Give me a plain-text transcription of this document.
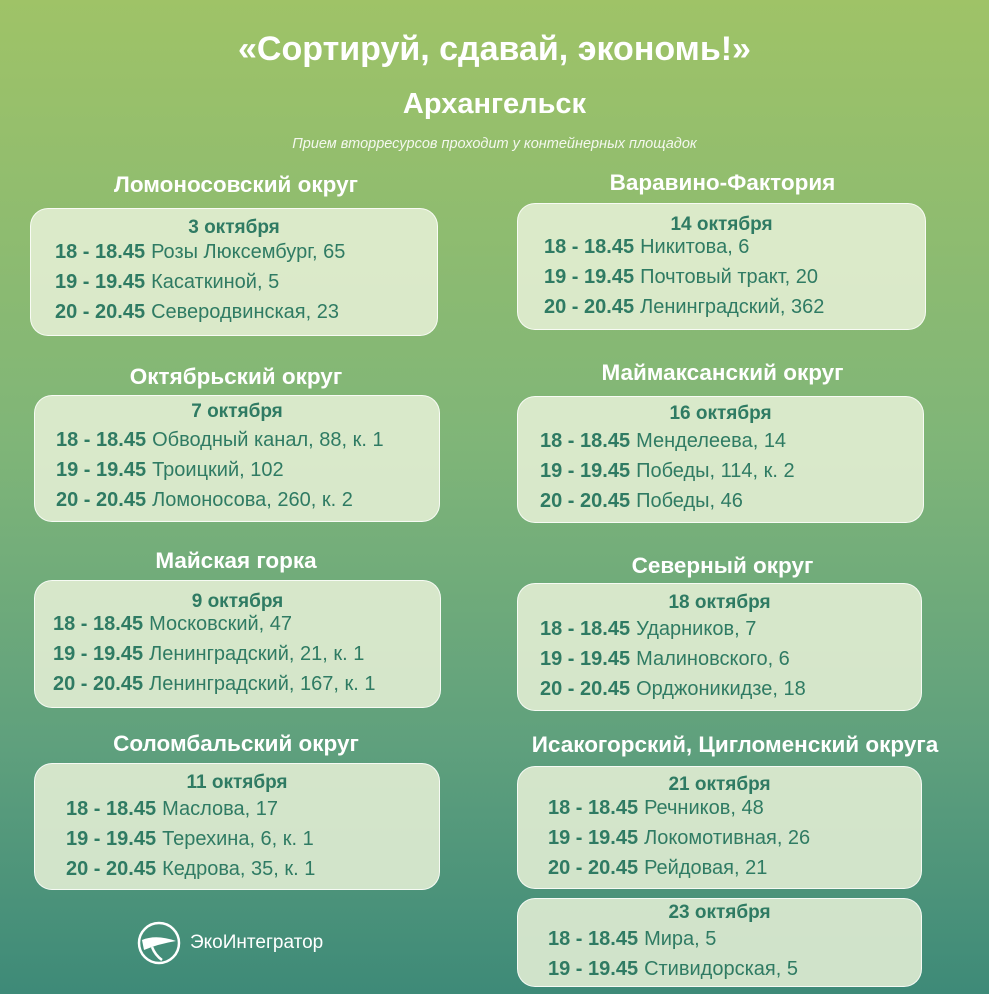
«Сортируй, сдавай, экономь!»
Архангельск
Прием вторресурсов проходит у контейнерных площадок
Ломоносовский округ
3 октября
18 - 18.45 Розы Люксембург, 65
19 - 19.45 Касаткиной, 5
20 - 20.45 Северодвинская, 23
Варавино-Фактория
14 октября
18 - 18.45 Никитова, 6
19 - 19.45 Почтовый тракт, 20
20 - 20.45 Ленинградский, 362
Октябрьский округ
7 октября
18 - 18.45 Обводный канал, 88, к. 1
19 - 19.45 Троицкий, 102
20 - 20.45 Ломоносова, 260, к. 2
Маймаксанский округ
16 октября
18 - 18.45 Менделеева, 14
19 - 19.45 Победы, 114, к. 2
20 - 20.45 Победы, 46
Майская горка
9 октября
18 - 18.45 Московский, 47
19 - 19.45 Ленинградский, 21, к. 1
20 - 20.45 Ленинградский, 167, к. 1
Северный округ
18 октября
18 - 18.45 Ударников, 7
19 - 19.45 Малиновского, 6
20 - 20.45 Орджоникидзе, 18
Соломбальский округ
11 октября
18 - 18.45 Маслова, 17
19 - 19.45 Терехина, 6, к. 1
20 - 20.45 Кедрова, 35, к. 1
Исакогорский, Цигломенский округа
21 октября
18 - 18.45 Речников, 48
19 - 19.45 Локомотивная, 26
20 - 20.45 Рейдовая, 21
23 октября
18 - 18.45 Мира, 5
19 - 19.45 Стивидорская, 5
ЭкоИнтегратор
